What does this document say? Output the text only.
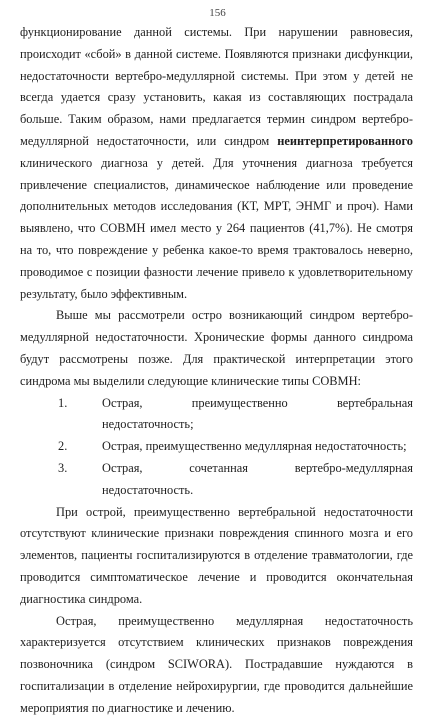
156

функционирование данной системы. При нарушении равновесия, происходит «сбой» в данной системе. Появляются признаки дисфункции, недостаточности вертебро-медуллярной системы. При этом у детей не всегда удается сразу установить, какая из составляющих пострадала больше. Таким образом, нами предлагается термин синдром вертебро-медуллярной недостаточности, или синдром неинтерпретированного клинического диагноза у детей. Для уточнения диагноза требуется привлечение специалистов, динамическое наблюдение или проведение дополнительных методов исследования (КТ, МРТ, ЭНМГ и проч). Нами выявлено, что СОВМН имел место у 264 пациентов (41,7%). Не смотря на то, что повреждение у ребенка какое-то время трактовалось неверно, проводимое с позиции фазности лечение привело к удовлетворительному результату, было эффективным.

Выше мы рассмотрели остро возникающий синдром вертебро-медуллярной недостаточности. Хронические формы данного синдрома будут рассмотрены позже. Для практической интерпретации этого синдрома мы выделили следующие клинические типы СОВМН:

1.	Острая, преимущественно вертебральная недостаточность;
2.	Острая, преимущественно медуллярная недостаточность;
3.	Острая, сочетанная вертебро-медуллярная недостаточность.

При острой, преимущественно вертебральной недостаточности отсутствуют клинические признаки повреждения спинного мозга и его элементов, пациенты госпитализируются в отделение травматологии, где проводится симптоматическое лечение и проводится окончательная диагностика синдрома.

Острая, преимущественно медуллярная недостаточность характеризуется отсутствием клинических признаков повреждения позвоночника (синдром SCIWORA). Пострадавшие нуждаются в госпитализации в отделение нейрохирургии, где проводится дальнейшие мероприятия по диагностике и лечению.
